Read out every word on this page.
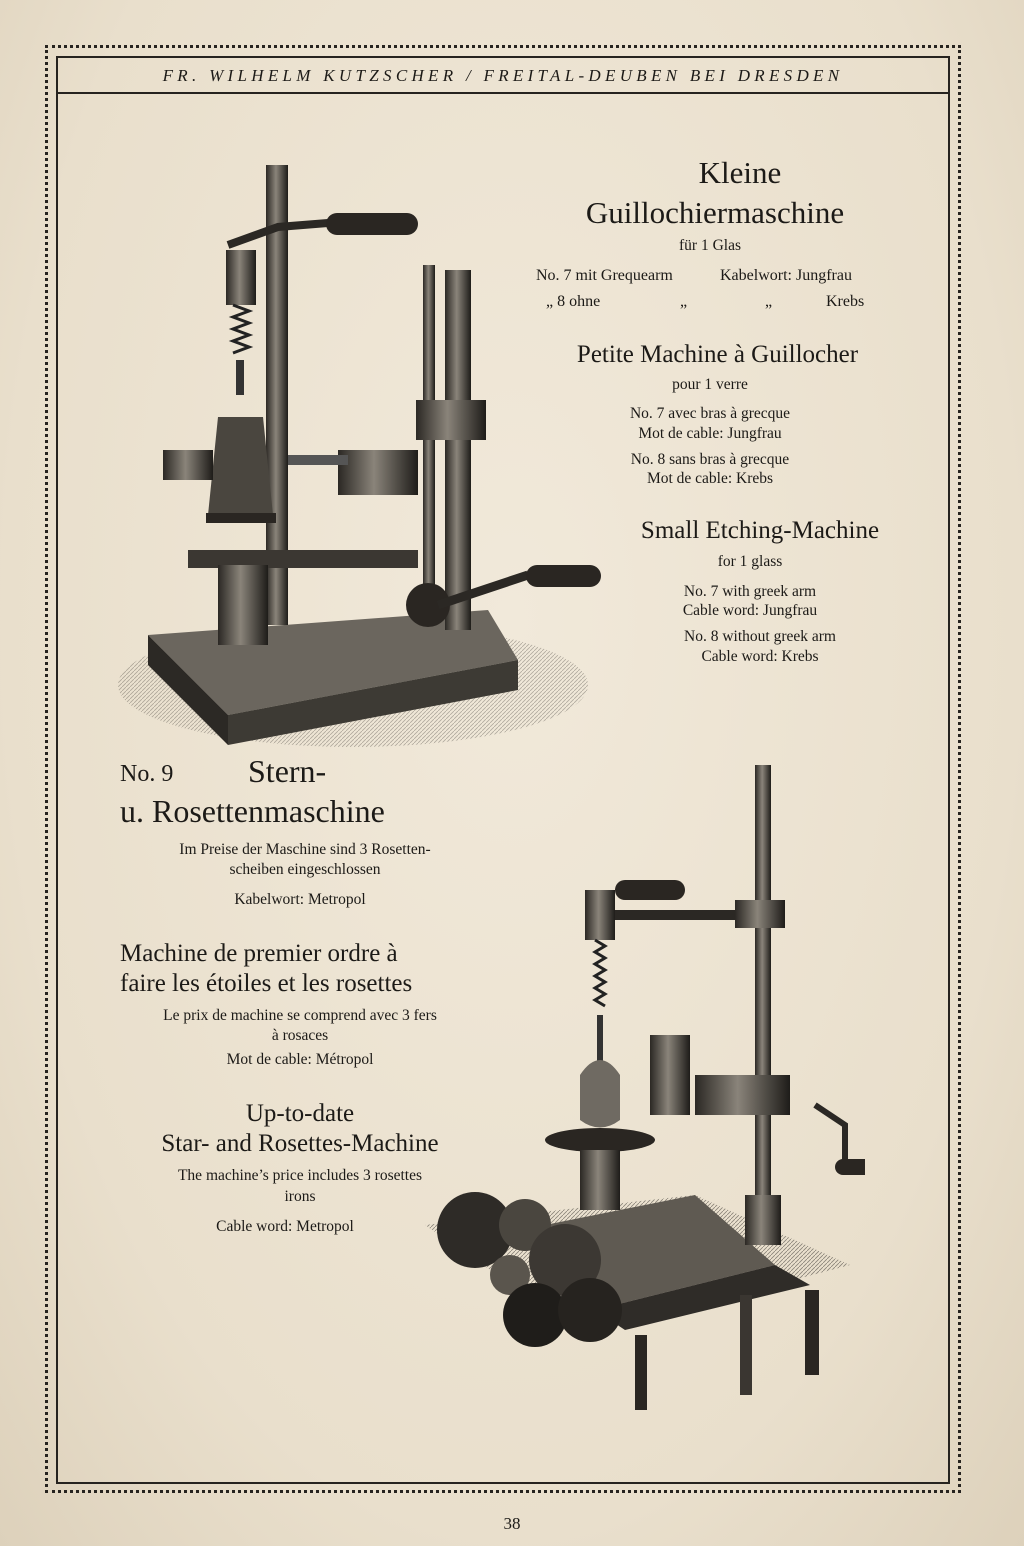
FR. WILHELM KUTZSCHER / FREITAL-DEUBEN BEI DRESDEN
Kleine
Guillochiermaschine
für 1 Glas
No. 7 mit Grequearm	Kabelwort: Jungfrau
„ 8 ohne	„	„	Krebs
Petite Machine à Guillocher
pour 1 verre
No. 7 avec bras à grecque
Mot de cable: Jungfrau
No. 8 sans bras à grecque
Mot de cable: Krebs
Small Etching-Machine
for 1 glass
No. 7 with greek arm
Cable word: Jungfrau
No. 8 without greek arm
Cable word: Krebs
No. 9 Stern-
u. Rosettenmaschine
Im Preise der Maschine sind 3 Rosetten-
scheiben eingeschlossen
Kabelwort: Metropol
Machine de premier ordre à
faire les étoiles et les rosettes
Le prix de machine se comprend avec 3 fers
à rosaces
Mot de cable: Métropol
Up-to-date
Star- and Rosettes-Machine
The machine’s price includes 3 rosettes
irons
Cable word: Metropol
38
